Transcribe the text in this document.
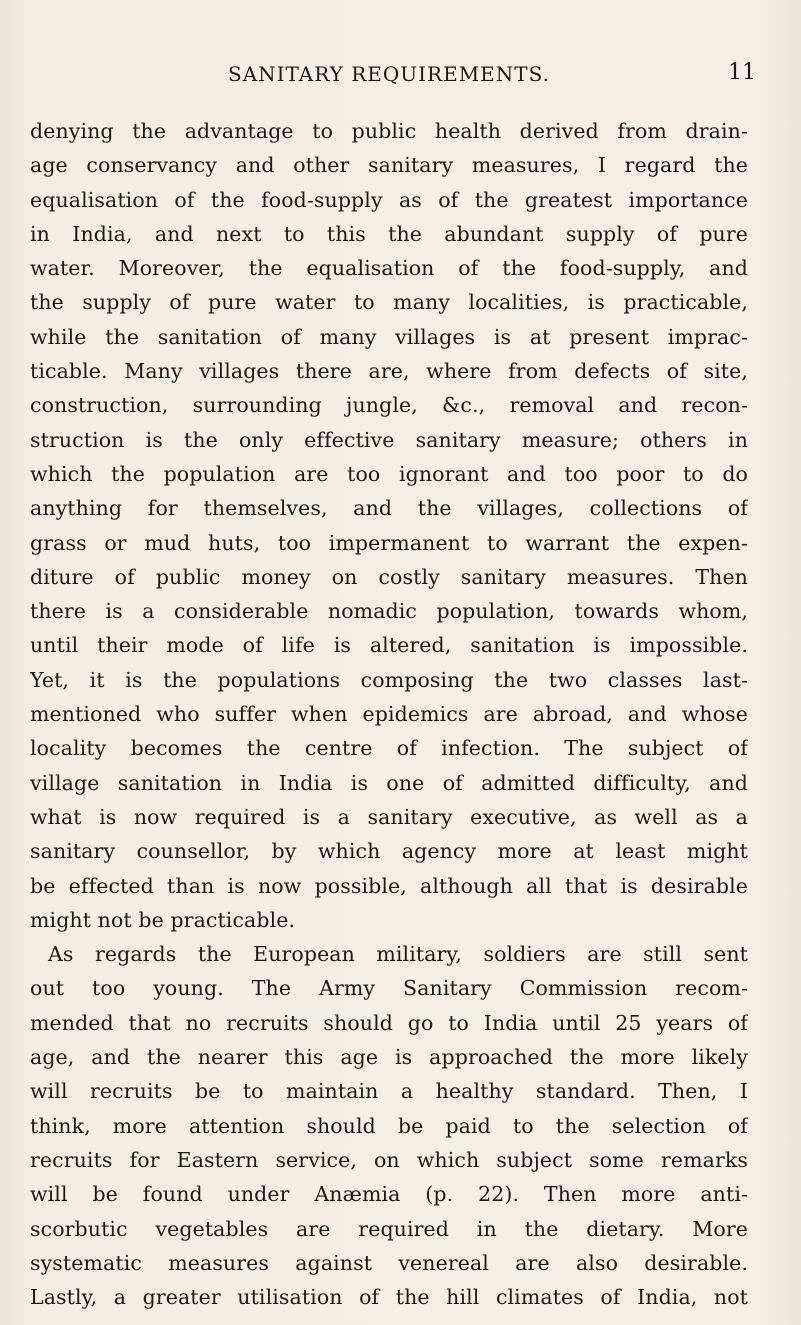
SANITARY REQUIREMENTS.	11
denying the advantage to public health derived from drain-
age conservancy and other sanitary measures, I regard the
equalisation of the food-supply as of the greatest importance
in India, and next to this the abundant supply of pure
water. Moreover, the equalisation of the food-supply, and
the supply of pure water to many localities, is practicable,
while the sanitation of many villages is at present imprac-
ticable. Many villages there are, where from defects of site,
construction, surrounding jungle, &c., removal and recon-
struction is the only effective sanitary measure; others in
which the population are too ignorant and too poor to do
anything for themselves, and the villages, collections of
grass or mud huts, too impermanent to warrant the expen-
diture of public money on costly sanitary measures. Then
there is a considerable nomadic population, towards whom,
until their mode of life is altered, sanitation is impossible.
Yet, it is the populations composing the two classes last-
mentioned who suffer when epidemics are abroad, and whose
locality becomes the centre of infection. The subject of
village sanitation in India is one of admitted difficulty, and
what is now required is a sanitary executive, as well as a
sanitary counsellor, by which agency more at least might
be effected than is now possible, although all that is desirable
might not be practicable.
As regards the European military, soldiers are still sent
out too young. The Army Sanitary Commission recom-
mended that no recruits should go to India until 25 years of
age, and the nearer this age is approached the more likely
will recruits be to maintain a healthy standard. Then, I
think, more attention should be paid to the selection of
recruits for Eastern service, on which subject some remarks
will be found under Anæmia (p. 22). Then more anti-
scorbutic vegetables are required in the dietary. More
systematic measures against venereal are also desirable.
Lastly, a greater utilisation of the hill climates of India, not
